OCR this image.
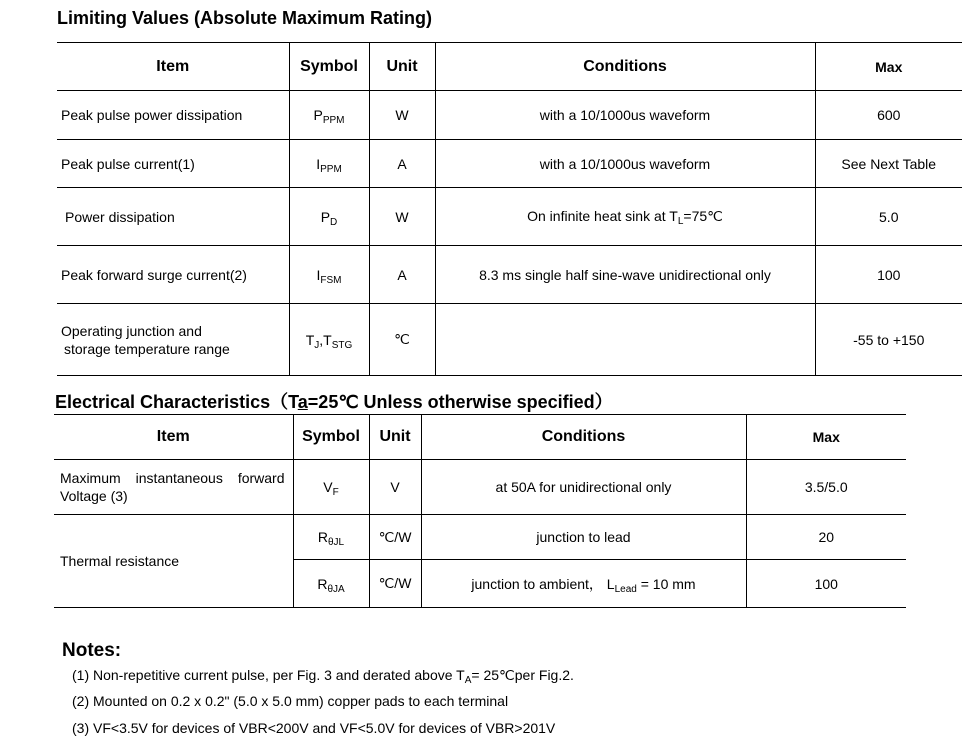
Limiting Values (Absolute Maximum Rating)
Item	Symbol	Unit	Conditions	Max
Peak pulse power dissipation	$P_{PPM}$	W	with a 10/1000us waveform	600
Peak pulse current(1)	$I_{PPM}$	A	with a 10/1000us waveform	See Next Table
Power dissipation	$P_D$	W	On infinite heat sink at $T_L=75℃$	5.0
Peak forward surge current(2)	$I_{FSM}$	A	8.3 ms single half sine-wave unidirectional only	100

Operating junction and
storage temperature range	$T_J,T_{STG}$	℃		-55 to +150
Electrical Characteristics（Ta=25℃ Unless otherwise specified）
Item	Symbol	Unit	Conditions	Max
Maximum instantaneous forward Voltage (3)	$V_F$	V	at 50A for unidirectional only	3.5/5.0
Thermal resistance	$R_{\theta JL}$	℃/W	junction to lead	20
	$R_{\theta JA}$	℃/W	junction to ambient， $L_{Lead} = 10$ mm	100
Notes:
(1) Non-repetitive current pulse, per Fig. 3 and derated above $T_A=$ 25℃per Fig.2.
(2) Mounted on 0.2 x 0.2" (5.0 x 5.0 mm) copper pads to each terminal
(3) VF<3.5V for devices of VBR<200V and VF<5.0V for devices of VBR>201V
